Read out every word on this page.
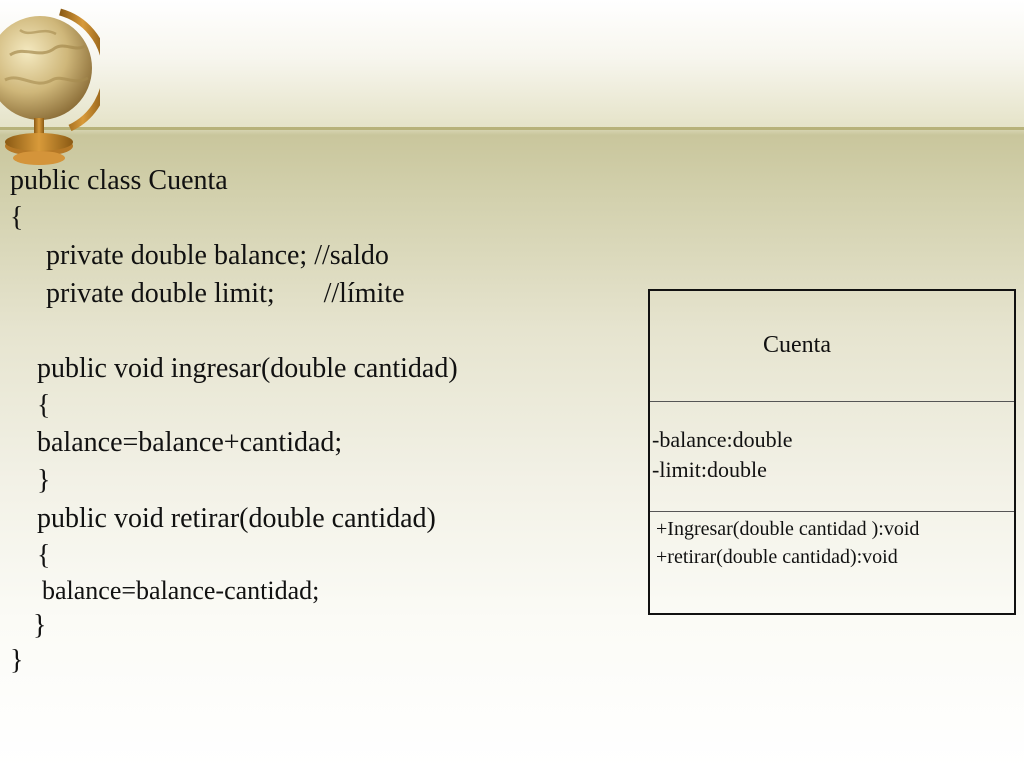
public class Cuenta
{
private double balance; //saldo
private double limit;       //límite
public void ingresar(double cantidad)
{
balance=balance+cantidad;
}
public void retirar(double cantidad)
{
balance=balance-cantidad;
}
}
Cuenta
-balance:double
-limit:double
+Ingresar(double cantidad ):void
+retirar(double cantidad):void
